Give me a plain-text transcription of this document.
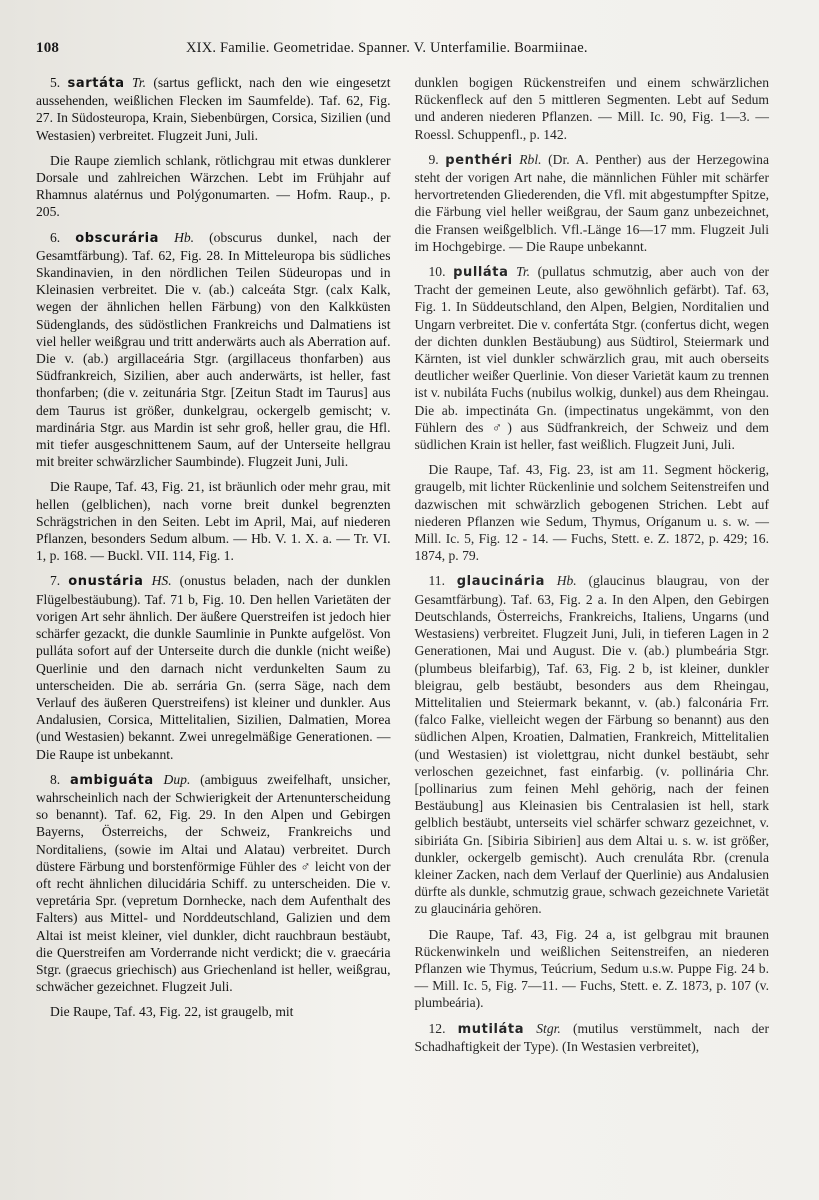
108	XIX. Familie. Geometridae. Spanner. V. Unterfamilie. Boarmiinae.

5. sartáta Tr. (sartus geflickt, nach den wie eingesetzt aussehenden, weißlichen Flecken im Saumfelde). Taf. 62, Fig. 27. In Südosteuropa, Krain, Siebenbürgen, Corsica, Sizilien (und Westasien) verbreitet. Flugzeit Juni, Juli.

Die Raupe ziemlich schlank, rötlichgrau mit etwas dunklerer Dorsale und zahlreichen Wärzchen. Lebt im Frühjahr auf Rhamnus alatérnus und Polýgonumarten. — Hofm. Raup., p. 205.

6. obscurária Hb. (obscurus dunkel, nach der Gesamtfärbung). Taf. 62, Fig. 28. In Mitteleuropa bis südliches Skandinavien, in den nördlichen Teilen Südeuropas und in Kleinasien verbreitet. Die v. (ab.) calceáta Stgr. (calx Kalk, wegen der ähnlichen hellen Färbung) von den Kalkküsten Südenglands, des südöstlichen Frankreichs und Dalmatiens ist viel heller weißgrau und tritt anderwärts auch als Aberration auf. Die v. (ab.) argillaceária Stgr. (argillaceus thonfarben) aus Südfrankreich, Sizilien, aber auch anderwärts, ist heller, fast thonfarben; (die v. zeitunária Stgr. [Zeitun Stadt im Taurus] aus dem Taurus ist größer, dunkelgrau, ockergelb gemischt; v. mardinária Stgr. aus Mardin ist sehr groß, heller grau, die Hfl. mit tiefer ausgeschnittenem Saum, auf der Unterseite hellgrau mit breiter schwärzlicher Saumbinde). Flugzeit Juni, Juli.

Die Raupe, Taf. 43, Fig. 21, ist bräunlich oder mehr grau, mit hellen (gelblichen), nach vorne breit dunkel begrenzten Schrägstrichen in den Seiten. Lebt im April, Mai, auf niederen Pflanzen, besonders Sedum album. — Hb. V. 1. X. a. — Tr. VI. 1, p. 168. — Buckl. VII. 114, Fig. 1.

7. onustária HS. (onustus beladen, nach der dunklen Flügelbestäubung). Taf. 71 b, Fig. 10. Den hellen Varietäten der vorigen Art sehr ähnlich. Der äußere Querstreifen ist jedoch hier schärfer gezackt, die dunkle Saumlinie in Punkte aufgelöst. Von pulláta sofort auf der Unterseite durch die dunkle (nicht weiße) Querlinie und den darnach nicht verdunkelten Saum zu unterscheiden. Die ab. serrária Gn. (serra Säge, nach dem Verlauf des äußeren Querstreifens) ist kleiner und dunkler. Aus Andalusien, Corsica, Mittelitalien, Sizilien, Dalmatien, Morea (und Westasien) bekannt. Zwei unregelmäßige Generationen. — Die Raupe ist unbekannt.

8. ambiguáta Dup. (ambiguus zweifelhaft, unsicher, wahrscheinlich nach der Schwierigkeit der Artenunterscheidung so benannt). Taf. 62, Fig. 29. In den Alpen und Gebirgen Bayerns, Österreichs, der Schweiz, Frankreichs und Norditaliens, (sowie im Altai und Alatau) verbreitet. Durch düstere Färbung und borstenförmige Fühler des ♂ leicht von der oft recht ähnlichen dilucidária Schiff. zu unterscheiden. Die v. vepretária Spr. (vepretum Dornhecke, nach dem Aufenthalt des Falters) aus Mittel- und Norddeutschland, Galizien und dem Altai ist meist kleiner, viel dunkler, dicht rauchbraun bestäubt, die Querstreifen am Vorderrande nicht verdickt; die v. graecária Stgr. (graecus griechisch) aus Griechenland ist heller, weißgrau, schwächer gezeichnet. Flugzeit Juli.

Die Raupe, Taf. 43, Fig. 22, ist graugelb, mit

dunklen bogigen Rückenstreifen und einem schwärzlichen Rückenfleck auf den 5 mittleren Segmenten. Lebt auf Sedum und anderen niederen Pflanzen. — Mill. Ic. 90, Fig. 1—3. — Roessl. Schuppenfl., p. 142.

9. penthéri Rbl. (Dr. A. Penther) aus der Herzegowina steht der vorigen Art nahe, die männlichen Fühler mit schärfer hervortretenden Gliederenden, die Vfl. mit abgestumpfter Spitze, die Färbung viel heller weißgrau, der Saum ganz unbezeichnet, die Fransen weißgelblich. Vfl.-Länge 16—17 mm. Flugzeit Juli im Hochgebirge. — Die Raupe unbekannt.

10. pulláta Tr. (pullatus schmutzig, aber auch von der Tracht der gemeinen Leute, also gewöhnlich gefärbt). Taf. 63, Fig. 1. In Süddeutschland, den Alpen, Belgien, Norditalien und Ungarn verbreitet. Die v. confertáta Stgr. (confertus dicht, wegen der dichten dunklen Bestäubung) aus Südtirol, Steiermark und Kärnten, ist viel dunkler schwärzlich grau, mit auch oberseits deutlicher weißer Querlinie. Von dieser Varietät kaum zu trennen ist v. nubiláta Fuchs (nubilus wolkig, dunkel) aus dem Rheingau. Die ab. impectináta Gn. (impectinatus ungekämmt, von den Fühlern des ♂) aus Südfrankreich, der Schweiz und dem südlichen Krain ist heller, fast weißlich. Flugzeit Juni, Juli.

Die Raupe, Taf. 43, Fig. 23, ist am 11. Segment höckerig, graugelb, mit lichter Rückenlinie und solchem Seitenstreifen und dazwischen mit schwärzlich gebogenen Strichen. Lebt auf niederen Pflanzen wie Sedum, Thymus, Oríganum u. s. w. — Mill. Ic. 5, Fig. 12 - 14. — Fuchs, Stett. e. Z. 1872, p. 429; 16. 1874, p. 79.

11. glaucinária Hb. (glaucinus blaugrau, von der Gesamtfärbung). Taf. 63, Fig. 2 a. In den Alpen, den Gebirgen Deutschlands, Österreichs, Frankreichs, Italiens, Ungarns (und Westasiens) verbreitet. Flugzeit Juni, Juli, in tieferen Lagen in 2 Generationen, Mai und August. Die v. (ab.) plumbeária Stgr. (plumbeus bleifarbig), Taf. 63, Fig. 2 b, ist kleiner, dunkler bleigrau, gelb bestäubt, besonders aus dem Rheingau, Mittelitalien und Steiermark bekannt, v. (ab.) falconária Frr. (falco Falke, vielleicht wegen der Färbung so benannt) aus den südlichen Alpen, Kroatien, Dalmatien, Frankreich, Mittelitalien (und Westasien) ist violettgrau, nicht dunkel bestäubt, sehr verloschen gezeichnet, fast einfarbig. (v. pollinária Chr. [pollinarius zum feinen Mehl gehörig, nach der feinen Bestäubung] aus Kleinasien bis Centralasien ist hell, stark gelblich bestäubt, unterseits viel schärfer schwarz gezeichnet, v. sibiriáta Gn. [Sibiria Sibirien] aus dem Altai u. s. w. ist größer, dunkler, ockergelb gemischt). Auch crenuláta Rbr. (crenula kleiner Zacken, nach dem Verlauf der Querlinie) aus Andalusien dürfte als dunkle, schmutzig graue, schwach gezeichnete Varietät zu glaucinária gehören.

Die Raupe, Taf. 43, Fig. 24 a, ist gelbgrau mit braunen Rückenwinkeln und weißlichen Seitenstreifen, an niederen Pflanzen wie Thymus, Teúcrium, Sedum u.s.w. Puppe Fig. 24 b. — Mill. Ic. 5, Fig. 7—11. — Fuchs, Stett. e. Z. 1873, p. 107 (v. plumbeária).

12. mutiláta Stgr. (mutilus verstümmelt, nach der Schadhaftigkeit der Type). (In Westasien verbreitet),
